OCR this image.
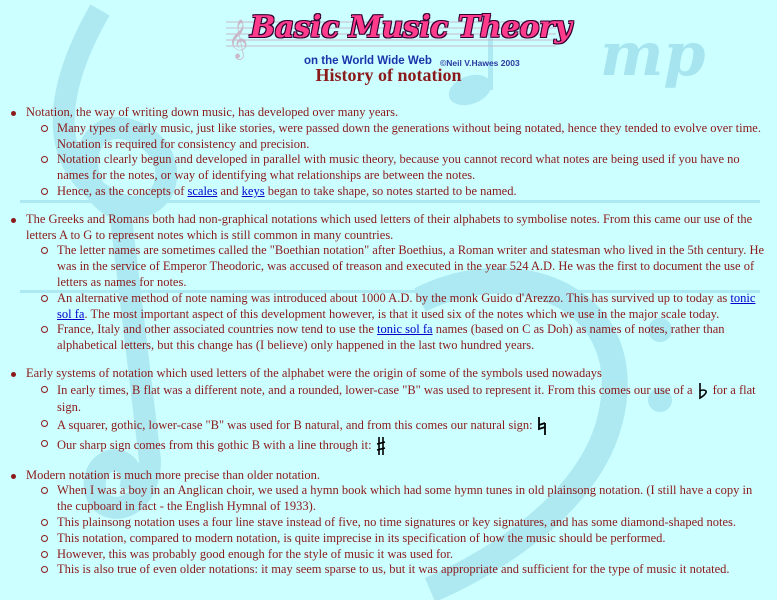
mp
𝄞 Basic Music Theory
on the World Wide Web ©Neil V.Hawes 2003
History of notation
Notation, the way of writing down music, has developed over many years.
Many types of early music, just like stories, were passed down the generations without being notated, hence they tended to evolve over time. Notation is required for consistency and precision.
Notation clearly begun and developed in parallel with music theory, because you cannot record what notes are being used if you have no names for the notes, or way of identifying what relationships are between the notes.
Hence, as the concepts of scales and keys began to take shape, so notes started to be named.
The Greeks and Romans both had non-graphical notations which used letters of their alphabets to symbolise notes. From this came our use of the letters A to G to represent notes which is still common in many countries.
The letter names are sometimes called the "Boethian notation" after Boethius, a Roman writer and statesman who lived in the 5th century. He was in the service of Emperor Theodoric, was accused of treason and executed in the year 524 A.D. He was the first to document the use of letters as names for notes.
An alternative method of note naming was introduced about 1000 A.D. by the monk Guido d'Arezzo. This has survived up to today as tonic sol fa. The most important aspect of this development however, is that it used six of the notes which we use in the major scale today.
France, Italy and other associated countries now tend to use the tonic sol fa names (based on C as Doh) as names of notes, rather than alphabetical letters, but this change has (I believe) only happened in the last two hundred years.
Early systems of notation which used letters of the alphabet were the origin of some of the symbols used nowadays
In early times, B flat was a different note, and a rounded, lower-case "B" was used to represent it. From this comes our use of a for a flat sign.
A squarer, gothic, lower-case "B" was used for B natural, and from this comes our natural sign:
Our sharp sign comes from this gothic B with a line through it:
Modern notation is much more precise than older notation.
When I was a boy in an Anglican choir, we used a hymn book which had some hymn tunes in old plainsong notation. (I still have a copy in the cupboard in fact - the English Hymnal of 1933).
This plainsong notation uses a four line stave instead of five, no time signatures or key signatures, and has some diamond-shaped notes.
This notation, compared to modern notation, is quite imprecise in its specification of how the music should be performed.
However, this was probably good enough for the style of music it was used for.
This is also true of even older notations: it may seem sparse to us, but it was appropriate and sufficient for the type of music it notated.
